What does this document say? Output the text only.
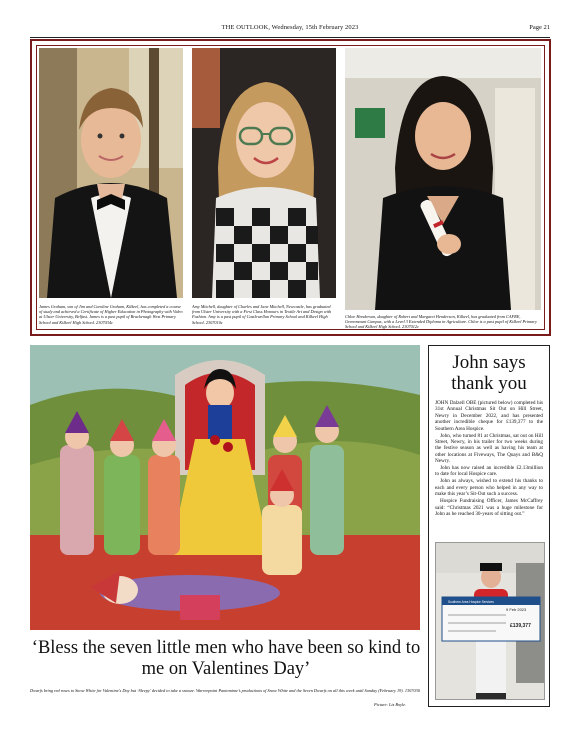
THE OUTLOOK, Wednesday, 15th February 2023	Page 21
James Graham, son of Jim and Caroline Graham, Kilkeel, has completed a course of study and achieved a Certificate of Higher Education in Photography with Video at Ulster University, Belfast. James is a past pupil of Brackenagh West Primary School and Kilkeel High School. 2307034c
Amy Mitchell, daughter of Charles and Jane Mitchell, Newcastle, has graduated from Ulster University with a First Class Honours in Textile Art and Design with Fashion. Amy is a past pupil of Castlewellan Primary School and Kilkeel High School. 2307010c
Chloe Henderson, daughter of Robert and Margaret Henderson, Kilkeel, has graduated from CAFRE, Greenmount Campus, with a Level 3 Extended Diploma in Agriculture. Chloe is a past pupil of Kilkeel Primary School and Kilkeel High School. 2307012c
‘Bless the seven little men who have been so kind to me on Valentines Day’
Dwarfs bring red roses to Snow White for Valentine’s Day but ‘Sleepy’ decided to take a snooze. Warrenpoint Pantomime’s productions of Snow White and the Seven Dwarfs on all this week until Sunday (February 19). 1307030
Picture: Liz Boyle.
John says
thank you

JOHN Dalzell OBE (pictured below) completed his 31st Annual Christmas Sit Out on Hill Street, Newry in December 2022, and has presented another incredible cheque for £139,377 to the Southern Area Hospice.

John, who turned 81 at Christmas, sat out on Hill Street, Newry, in his trailer for two weeks during the festive season as well as having his team at other locations at Fiveways, The Quays and B&Q Newry.

John has now raised an incredible £2.13million to date for local Hospice care.

John as always, wished to extend his thanks to each and every person who helped in any way to make this year’s Sit-Out such a success.

Hospice Fundraising Officer, James McCaffrey said: “Christmas 2021 was a huge milestone for John as he reached 30-years of sitting out.”

Southern Area Hospice Services
9 Feb 2023
£139,377
